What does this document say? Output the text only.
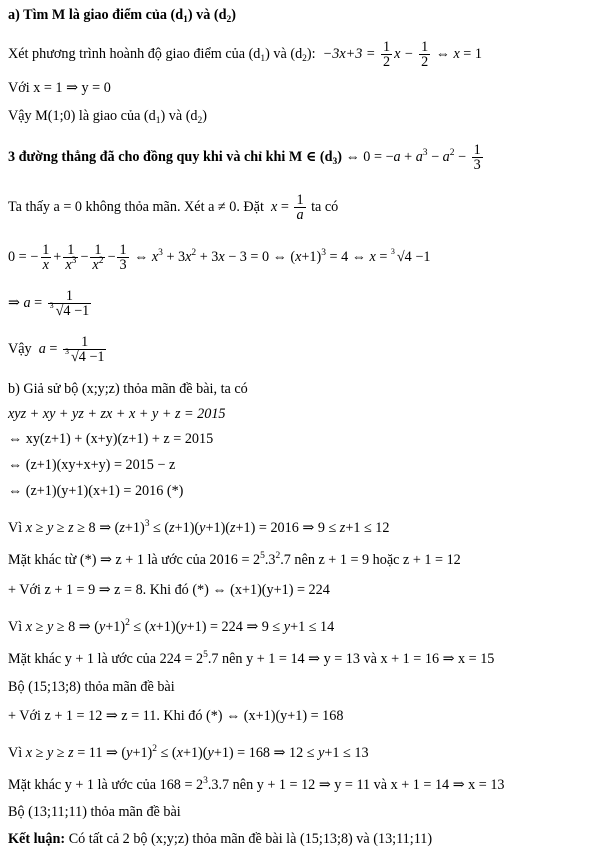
a) Tìm M là giao điểm của $(d_1)$ và $(d_2)$
Xét phương trình hoành độ giao điểm của $(d_1)$ và $(d_2)$:  $-3x+3 = \frac{1}{2}$ $x - \frac{1}{2}$ ⇔ x = 1
Với x = 1 ⇒ y = 0
Vậy M(1;0) là giao của $(d_1)$ và $(d_2)$
3 đường thẳng đã cho đồng quy khi và chỉ khi M ∈ $(d_3)$ ⇔ $0 = -a + a^3 - a^2 - \frac{1}{3}$
Ta thấy a = 0 không thỏa mãn. Xét a ≠ 0. Đặt  $x = \frac{1}{a}$ ta có
0 = − $\frac{1}{x} + \frac{1}{x^3} - \frac{1}{x^2} - \frac{1}{3}$ ⇔ $x^3 + 3x^2 + 3x - 3 = 0$ ⇔ $(x+1)^3 = 4$ ⇔ x = 3 √4 −1
⇒ $a = \frac{1}{3 √4 -1}$
Vậy  $a = \frac{1}{3 √4 -1}$
b) Giả sử bộ (x;y;z) thỏa mãn đề bài, ta có
xyz + xy + yz + zx + x + y + z = 2015
⇔ xy(z+1) + (x+y)(z+1) + z = 2015
⇔ (z+1)(xy+x+y) = 2015 − z
⇔ (z+1)(y+1)(x+1) = 2016 (*)
Vì x ≥ y ≥ z ≥ 8 ⇒ $(z+1)^3 \le (z+1)(y+1)(z+1) = 2016$ ⇒ 9 ≤ z+1 ≤ 12
Mặt khác từ (*) ⇒ z + 1 là ước của $2016 = 2^5.3^2.7$ nên z + 1 = 9 hoặc z + 1 = 12
+ Với z + 1 = 9 ⇒ z = 8. Khi đó (*) ⇔ (x+1)(y+1) = 224
Vì x ≥ y ≥ 8 ⇒ $(y+1)^2 \le (x+1)(y+1) = 224$ ⇒ 9 ≤ y+1 ≤ 14
Mặt khác y + 1 là ước của $224 = 2^5.7$ nên y + 1 = 14 ⇒ y = 13 và x + 1 = 16 ⇒ x = 15
Bộ (15;13;8) thỏa mãn đề bài
+ Với z + 1 = 12 ⇒ z = 11. Khi đó (*) ⇔ (x+1)(y+1) = 168
Vì x ≥ y ≥ z = 11 ⇒ $(y+1)^2 \le (x+1)(y+1) = 168$ ⇒ 12 ≤ y+1 ≤ 13
Mặt khác y + 1 là ước của $168 = 2^3.3.7$ nên y + 1 = 12 ⇒ y = 11 và x + 1 = 14 ⇒ x = 13
Bộ (13;11;11) thỏa mãn đề bài
Kết luận: Có tất cả 2 bộ (x;y;z) thỏa mãn đề bài là (15;13;8) và (13;11;11)
